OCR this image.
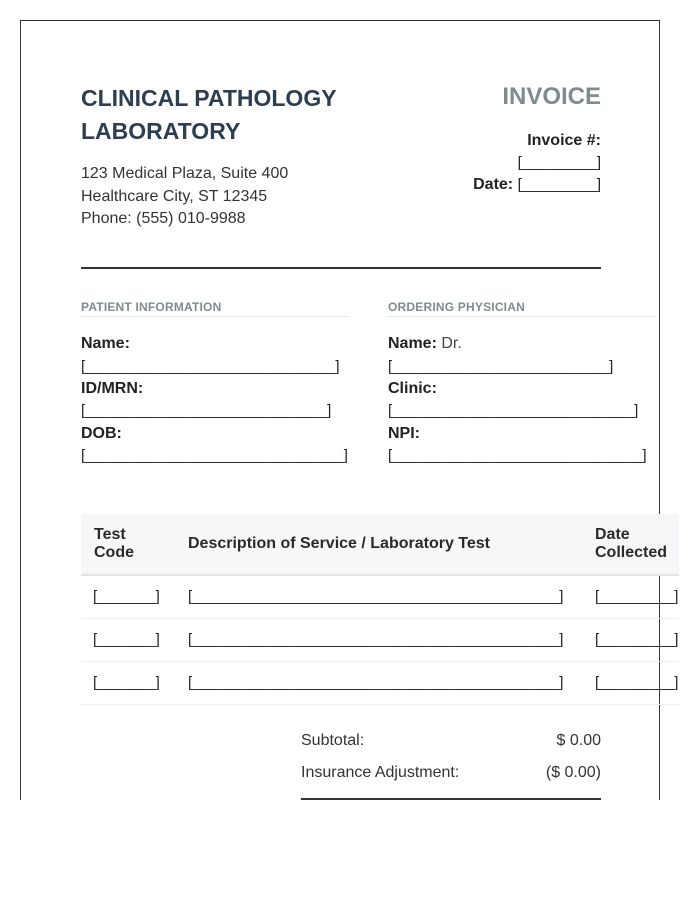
CLINICAL PATHOLOGY LABORATORY
123 Medical Plaza, Suite 400
Healthcare City, ST 12345
Phone: (555) 010-9988
INVOICE
Invoice #:
[_________]
Date: [_________]
PATIENT INFORMATION
Name:
[______________________________]
ID/MRN:
[_____________________________]
DOB:
[_______________________________]
ORDERING PHYSICIAN
Name: Dr.
[__________________________]
Clinic:
[_____________________________]
NPI:
[______________________________]
Test
Code
Description of Service / Laboratory Test
Date
Collected
[_______] [____________________________________________] [_________]
[_______] [____________________________________________] [_________]
[_______] [____________________________________________] [_________]
Subtotal:	$ 0.00
Insurance Adjustment:	($ 0.00)
